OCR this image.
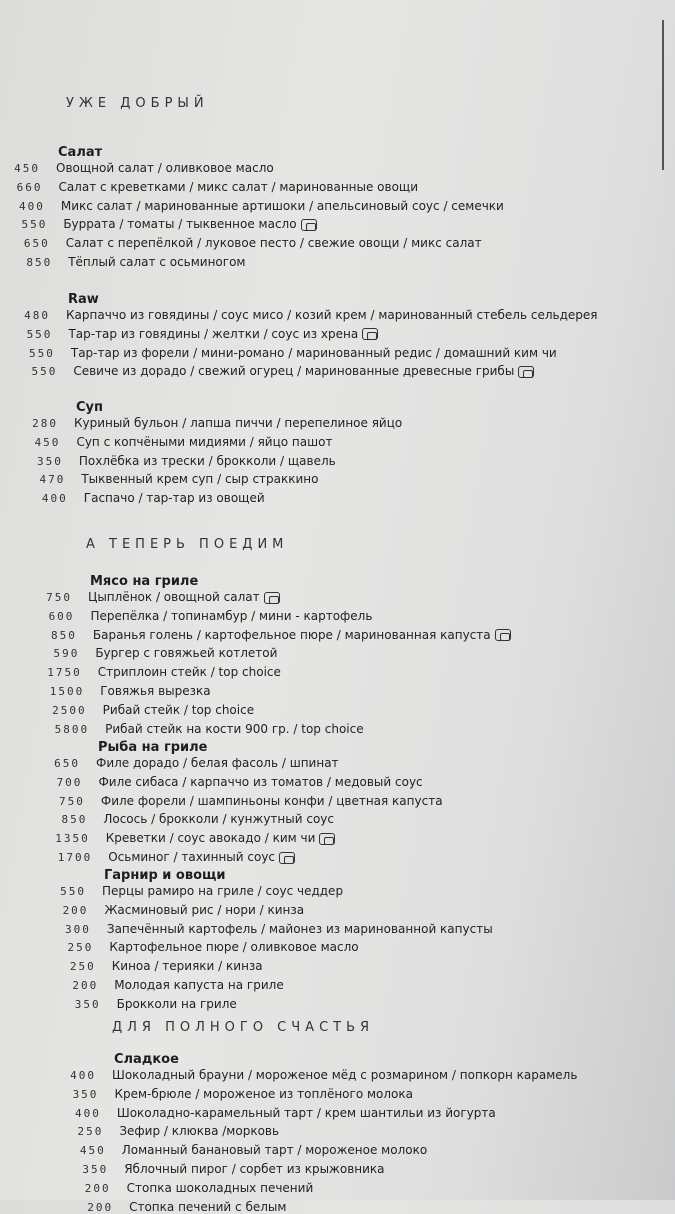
УЖЕ ДОБРЫЙ
Салат
450 Овощной салат / оливковое масло
660 Салат с креветками / микс салат / маринованные овощи
400 Микс салат / маринованные артишоки / апельсиновый соус / семечки
550 Буррата / томаты / тыквенное масло
650 Салат с перепёлкой / луковое песто / свежие овощи / микс салат
850 Тёплый салат с осьминогом
Raw
480 Карпаччо из говядины / соус мисо / козий крем / маринованный стебель сельдерея
550 Тар-тар из говядины / желтки / соус из хрена
550 Тар-тар из форели / мини-романо / маринованный редис / домашний ким чи
550 Севиче из дорадо / свежий огурец / маринованные древесные грибы
Суп
280 Куриный бульон / лапша пиччи / перепелиное яйцо
450 Суп с копчёными мидиями / яйцо пашот
350 Похлёбка из трески / брокколи / щавель
470 Тыквенный крем суп / сыр страккино
400 Гаспачо / тар-тар из овощей
А ТЕПЕРЬ ПОЕДИМ
Мясо на гриле
750 Цыплёнок / овощной салат
600 Перепёлка / топинамбур / мини - картофель
850 Баранья голень / картофельное пюре / маринованная капуста
590 Бургер с говяжьей котлетой
1750 Стриплоин стейк / top choice
1500 Говяжья вырезка
2500 Рибай стейк / top choice
5800 Рибай стейк на кости 900 гр. / top choice
Рыба на гриле
650 Филе дорадо / белая фасоль / шпинат
700 Филе сибаса / карпаччо из томатов / медовый соус
750 Филе форели / шампиньоны конфи / цветная капуста
850 Лосось / брокколи / кунжутный соус
1350 Креветки / соус авокадо / ким чи
1700 Осьминог / тахинный соус
Гарнир и овощи
550 Перцы рамиро на гриле / соус чеддер
200 Жасминовый рис / нори / кинза
300 Запечённый картофель / майонез из маринованной капусты
250 Картофельное пюре / оливковое масло
250 Киноа / терияки / кинза
200 Молодая капуста на гриле
350 Брокколи на гриле
ДЛЯ ПОЛНОГО СЧАСТЬЯ
Сладкое
400 Шоколадный брауни / мороженое мёд с розмарином / попкорн карамель
350 Крем-брюле / мороженое из топлёного молока
400 Шоколадно-карамельный тарт / крем шантильи из йогурта
250 Зефир / клюква /морковь
450 Ломанный банановый тарт / мороженое молоко
350 Яблочный пирог / сорбет из крыжовника
200 Стопка шоколадных печений
200 Стопка печений с белым
